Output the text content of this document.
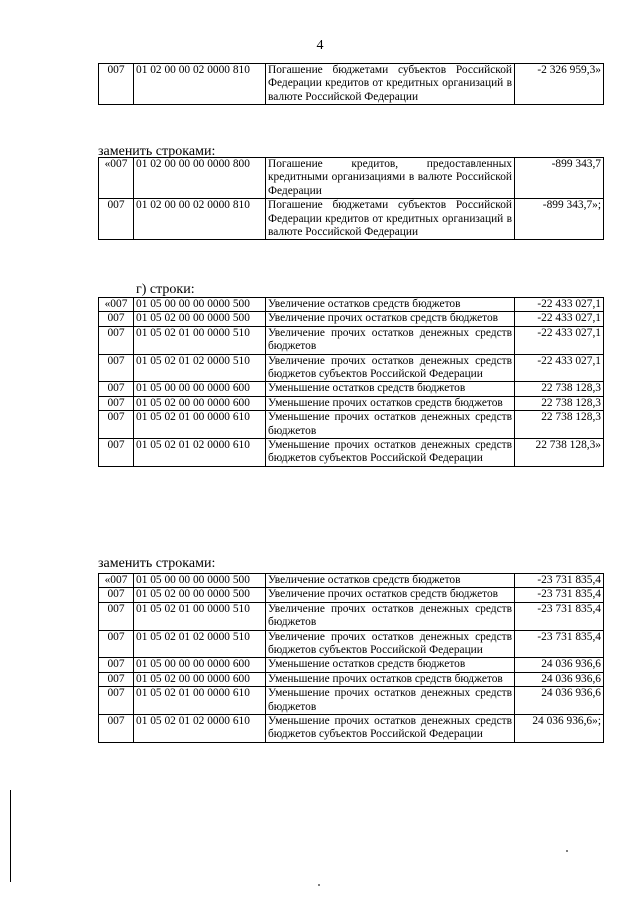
4
007	01 02 00 00 02 0000 810	Погашение бюджетами субъектов Российской Федерации кредитов от кредитных организаций в валюте Российской Федерации	-2 326 959,3»
заменить строками:
«007	01 02 00 00 00 0000 800	Погашение кредитов, предоставленных кредитными организациями в валюте Российской Федерации	-899 343,7
007	01 02 00 00 02 0000 810	Погашение бюджетами субъектов Российской Федерации кредитов от кредитных организаций в валюте Российской Федерации	-899 343,7»;
г) строки:
«007	01 05 00 00 00 0000 500	Увеличение остатков средств бюджетов	-22 433 027,1
007	01 05 02 00 00 0000 500	Увеличение прочих остатков средств бюджетов	-22 433 027,1
007	01 05 02 01 00 0000 510	Увеличение прочих остатков денежных средств бюджетов	-22 433 027,1
007	01 05 02 01 02 0000 510	Увеличение прочих остатков денежных средств бюджетов субъектов Российской Федерации	-22 433 027,1
007	01 05 00 00 00 0000 600	Уменьшение остатков средств бюджетов	22 738 128,3
007	01 05 02 00 00 0000 600	Уменьшение прочих остатков средств бюджетов	22 738 128,3
007	01 05 02 01 00 0000 610	Уменьшение прочих остатков денежных средств бюджетов	22 738 128,3
007	01 05 02 01 02 0000 610	Уменьшение прочих остатков денежных средств бюджетов субъектов Российской Федерации	22 738 128,3»
заменить строками:
«007	01 05 00 00 00 0000 500	Увеличение остатков средств бюджетов	-23 731 835,4
007	01 05 02 00 00 0000 500	Увеличение прочих остатков средств бюджетов	-23 731 835,4
007	01 05 02 01 00 0000 510	Увеличение прочих остатков денежных средств бюджетов	-23 731 835,4
007	01 05 02 01 02 0000 510	Увеличение прочих остатков денежных средств бюджетов субъектов Российской Федерации	-23 731 835,4
007	01 05 00 00 00 0000 600	Уменьшение остатков средств бюджетов	24 036 936,6
007	01 05 02 00 00 0000 600	Уменьшение прочих остатков средств бюджетов	24 036 936,6
007	01 05 02 01 00 0000 610	Уменьшение прочих остатков денежных средств бюджетов	24 036 936,6
007	01 05 02 01 02 0000 610	Уменьшение прочих остатков денежных средств бюджетов субъектов Российской Федерации	24 036 936,6»;
